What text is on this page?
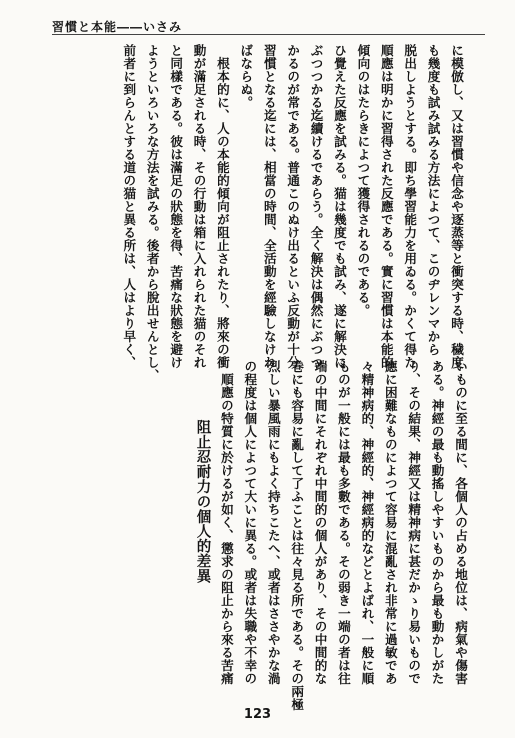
習慣と本能――いさみ

に模倣し、又は習慣や信念や逐蒸等と衝突する時、穢度

も幾度も試み試みる方法によつて、このヂレンマから

脱出しようとする。即ち學習能力を用ゐる。かくて得た

順應は明かに習得された反應である。實に習慣は本能的

傾向のはたらきによつて獲得されるのである。

ひ覺えた反應を試みる。猫は幾度でも試み、遂に解決に

ぶつつかる迄續けるであらう。全く解決は偶然にぶつつ

かるのが常である。普通このぬけ出るといふ反動が十分

習慣となる迄には、相當の時間、全活動を經驗しなけれ

ばならぬ。

　根本的に、人の本能的傾向が阻止されたり、將來の衝

動が滿足される時、その行動は箱に入れられた猫のそれ

と同樣である。彼は滿足の狀態を得、苦痛な狀態を避け

ようといろいろな方法を試みる。後者から脫出せんとし、

前者に到らんとする道の猫と異る所は、人はより早く、

いものに至る間に、各個人の占める地位は、病氣や傷害

ある。神經の最も動搖しやすいものから最も動かしがた

り、その結果、神經又は精神病に甚だかゝり易いもので

應に困難なものによつて容易に混亂され非常に過敏であ

々精神病的、神經的、神經病的などとよばれ、一般に順

ものが一般には最も多數である。その弱き一端の者は往

端の中間にそれぞれ中間的の個人があり、その中間的な

巻にも容易に亂して了ふことは往々見る所である。その兩極

烈しい暴風雨にもよく持ちこたへ、或者はささやかな渦

の程度は個人によつて大いに異る。或者は失職や不幸の

　順應の特質に於けるが如く、懲求の阻止から來る苦痛

　　　　阻止忍耐力の個人的差異

123
